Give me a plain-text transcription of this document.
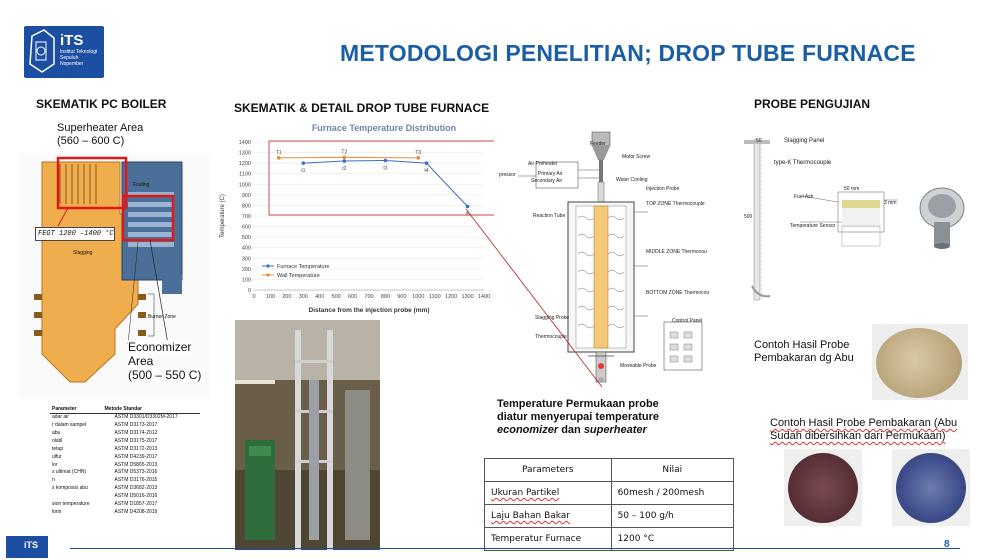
iTS
Institut Teknologi Sepuluh Nopember	METODOLOGI PENELITIAN; DROP TUBE FURNACE
SKEMATIK PC BOILER	SKEMATIK & DETAIL DROP TUBE FURNACE	PROBE PENGUJIAN
Superheater Area
(560 – 600 C)
Fouling
Slagging
Burner Zone
FEGT 1200 –1400 °C
Economizer
Area
(500 – 550 C)
Parameter	Metode Standar
adar air	ASTM D3301/D3302M-2017
r dalam sampel	ASTM D3173-2017
abu	ASTM D3174-2012
olatil	ASTM D3175-2017
tetap	ASTM D3172-2013
ulfur	ASTM D4239-2017
lor	ASTM D5865-2013
s ultimat (CHN)	ASTM D5373-2016
n	ASTM D3176-2015
s komposisi abu	ASTM D3682-2013
	ASTM D5016-2016
sion temperature	ASTM D1857-2017

lorin	ASTM D4208-2019
0
100
200
300
400
500
600
700
800
900
1000
1100
1200
1300
1400
0 100 200 300 400 500 600 700 800 900 1000 1100 1200 1300 1400
Furnace Temperature Distribution
Distance from the injection probe (mm)
Temperature (C)
t1	t2	t3	t4
t5
T1	T2	T3
Furnace Temperature
Wall Temperature
Feeder
Motor Screw
Air Preheater
Primary Air
Secondary Air
pressor
Water Cooling
Injection Probe
TOP ZONE Thermocouple
Reaction Tube
MIDDLE ZONE Thermocou
BOTTOM ZONE Thermocou
Control Panel
Slagging Probe
Thermocouple
Moveable Probe
Temperature Permukaan probe
diatur menyerupai temperature
economizer dan superheater
Parameters	Nilai
Ukuran Partikel	60mesh / 200mesh
Laju Bahan Bakar	50 – 100 g/h
Temperatur Furnace	1200 °C
50	Slagging Panel
type-K Thermocouple
Fuel Ash
50 mm
3 mm
Temperature Sensor
500
Contoh Hasil Probe
Pembakaran dg Abu
Contoh Hasil Probe Pembakaran (Abu
Sudah dibersihkan dari Permukaan)
iTS	8
